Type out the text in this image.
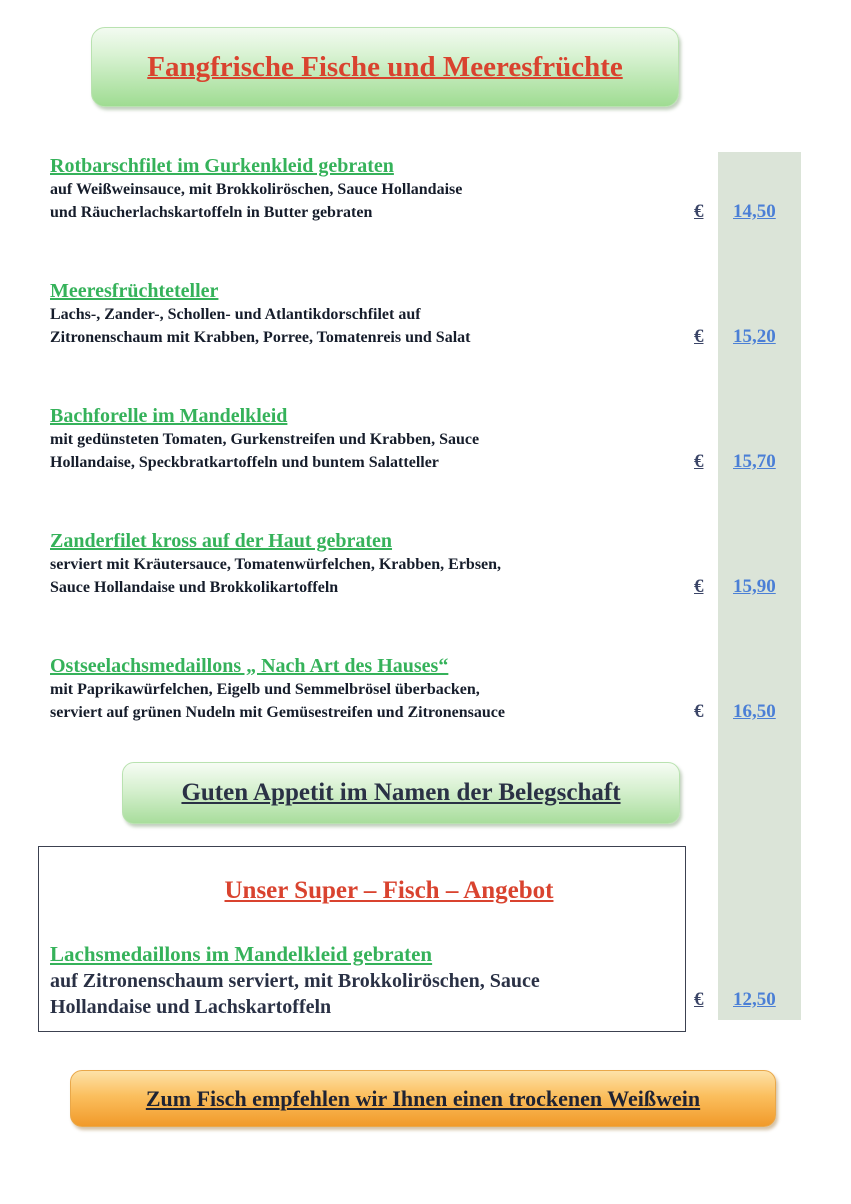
Fangfrische Fische und Meeresfrüchte
Rotbarschfilet im Gurkenkleid gebraten
auf Weißweinsauce, mit Brokkoliröschen, Sauce Hollandaise
und Räucherlachskartoffeln in Butter gebraten	€ 14,50
Meeresfrüchteteller
Lachs-, Zander-, Schollen- und Atlantikdorschfilet auf
Zitronenschaum mit Krabben, Porree, Tomatenreis und Salat	€ 15,20
Bachforelle im Mandelkleid
mit gedünsteten Tomaten, Gurkenstreifen und Krabben, Sauce
Hollandaise, Speckbratkartoffeln und buntem Salatteller	€ 15,70
Zanderfilet kross auf der Haut gebraten
serviert mit Kräutersauce, Tomatenwürfelchen, Krabben, Erbsen,
Sauce Hollandaise und Brokkolikartoffeln	€ 15,90
Ostseelachsmedaillons „ Nach Art des Hauses“
mit Paprikawürfelchen, Eigelb und Semmelbrösel überbacken,
serviert auf grünen Nudeln mit Gemüsestreifen und Zitronensauce	€ 16,50
Guten Appetit im Namen der Belegschaft
Unser Super – Fisch – Angebot
Lachsmedaillons im Mandelkleid gebraten
auf Zitronenschaum serviert, mit Brokkoliröschen, Sauce
Hollandaise und Lachskartoffeln	€ 12,50
Zum Fisch empfehlen wir Ihnen einen trockenen Weißwein
